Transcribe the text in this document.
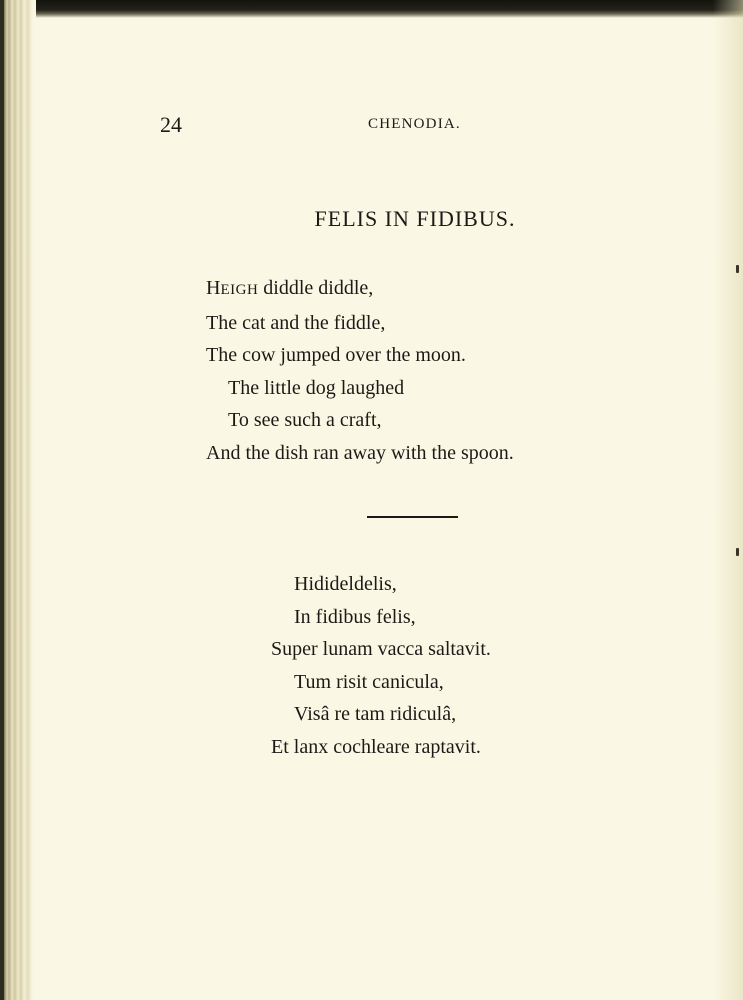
24	CHENODIA.
FELIS IN FIDIBUS.
HEIGH diddle diddle,
The cat and the fiddle,
The cow jumped over the moon.
The little dog laughed
To see such a craft,
And the dish ran away with the spoon.
Hidideldelis,
In fidibus felis,
Super lunam vacca saltavit.
Tum risit canicula,
Visâ re tam ridiculâ,
Et lanx cochleare raptavit.
